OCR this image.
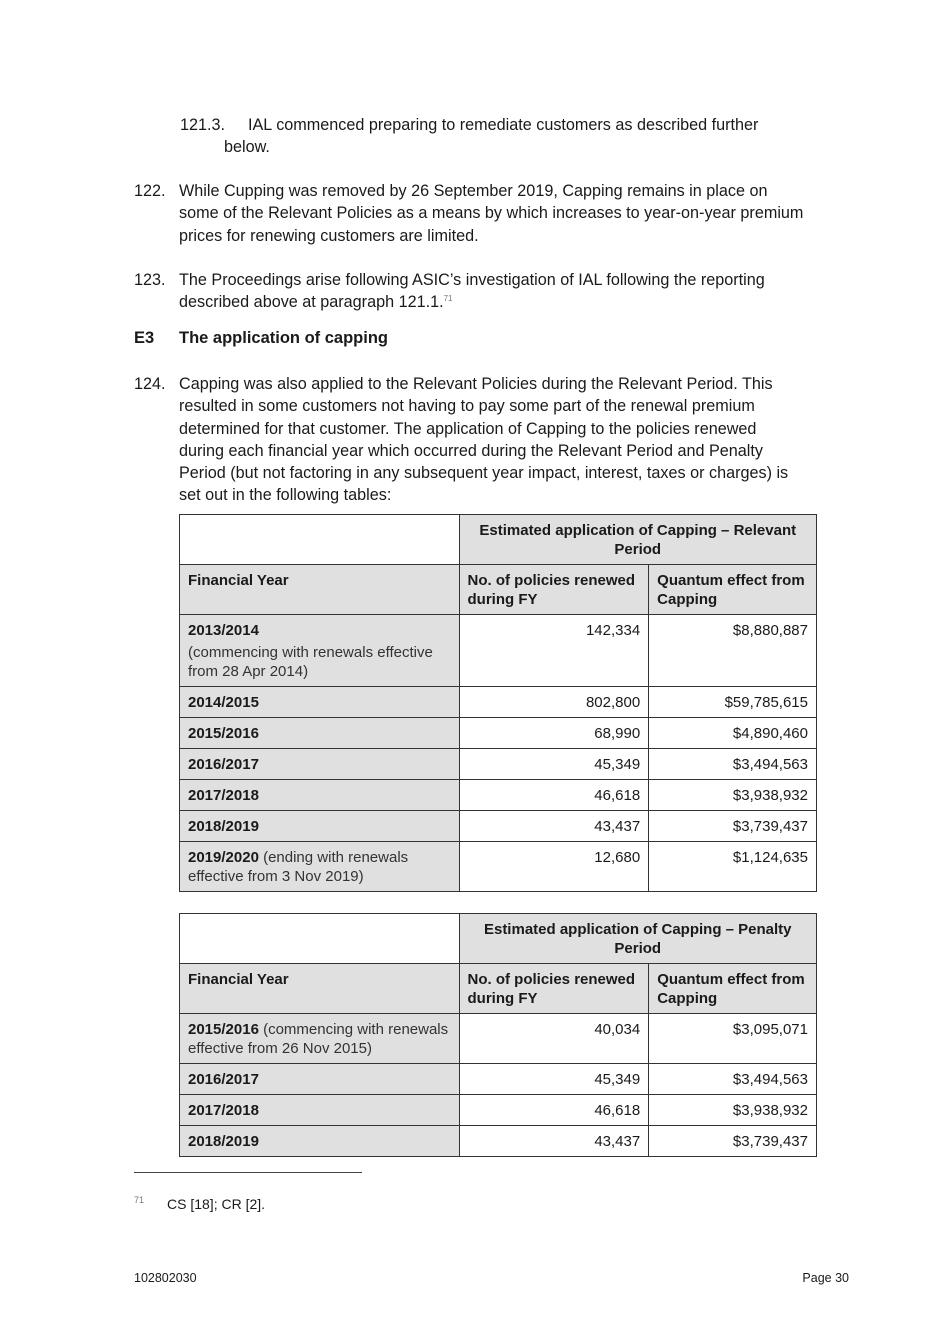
121.3. IAL commenced preparing to remediate customers as described further
below.
122. While Cupping was removed by 26 September 2019, Capping remains in place on
some of the Relevant Policies as a means by which increases to year-on-year premium
prices for renewing customers are limited.
123. The Proceedings arise following ASIC’s investigation of IAL following the reporting
described above at paragraph 121.1.71
E3 The application of capping
124. Capping was also applied to the Relevant Policies during the Relevant Period. This
resulted in some customers not having to pay some part of the renewal premium
determined for that customer. The application of Capping to the policies renewed
during each financial year which occurred during the Relevant Period and Penalty
Period (but not factoring in any subsequent year impact, interest, taxes or charges) is
set out in the following tables:

	Estimated application of Capping – Relevant Period	

Financial Year	No. of policies renewed during FY	Quantum effect from Capping

2013/2014
(commencing with renewals effective from 28 Apr 2014)	142,334	$8,880,887

2014/2015	802,800	$59,785,615

2015/2016	68,990	$4,890,460

2016/2017	45,349	$3,494,563

2017/2018	46,618	$3,938,932

2018/2019	43,437	$3,739,437

2019/2020 (ending with renewals effective from 3 Nov 2019)	12,680	$1,124,635

	Estimated application of Capping – Penalty Period	

Financial Year	No. of policies renewed during FY	Quantum effect from Capping

2015/2016 (commencing with renewals effective from 26 Nov 2015)	40,034	$3,095,071

2016/2017	45,349	$3,494,563

2017/2018	46,618	$3,938,932

2018/2019	43,437	$3,739,437
71 CS [18]; CR [2].
102802030	Page 30
